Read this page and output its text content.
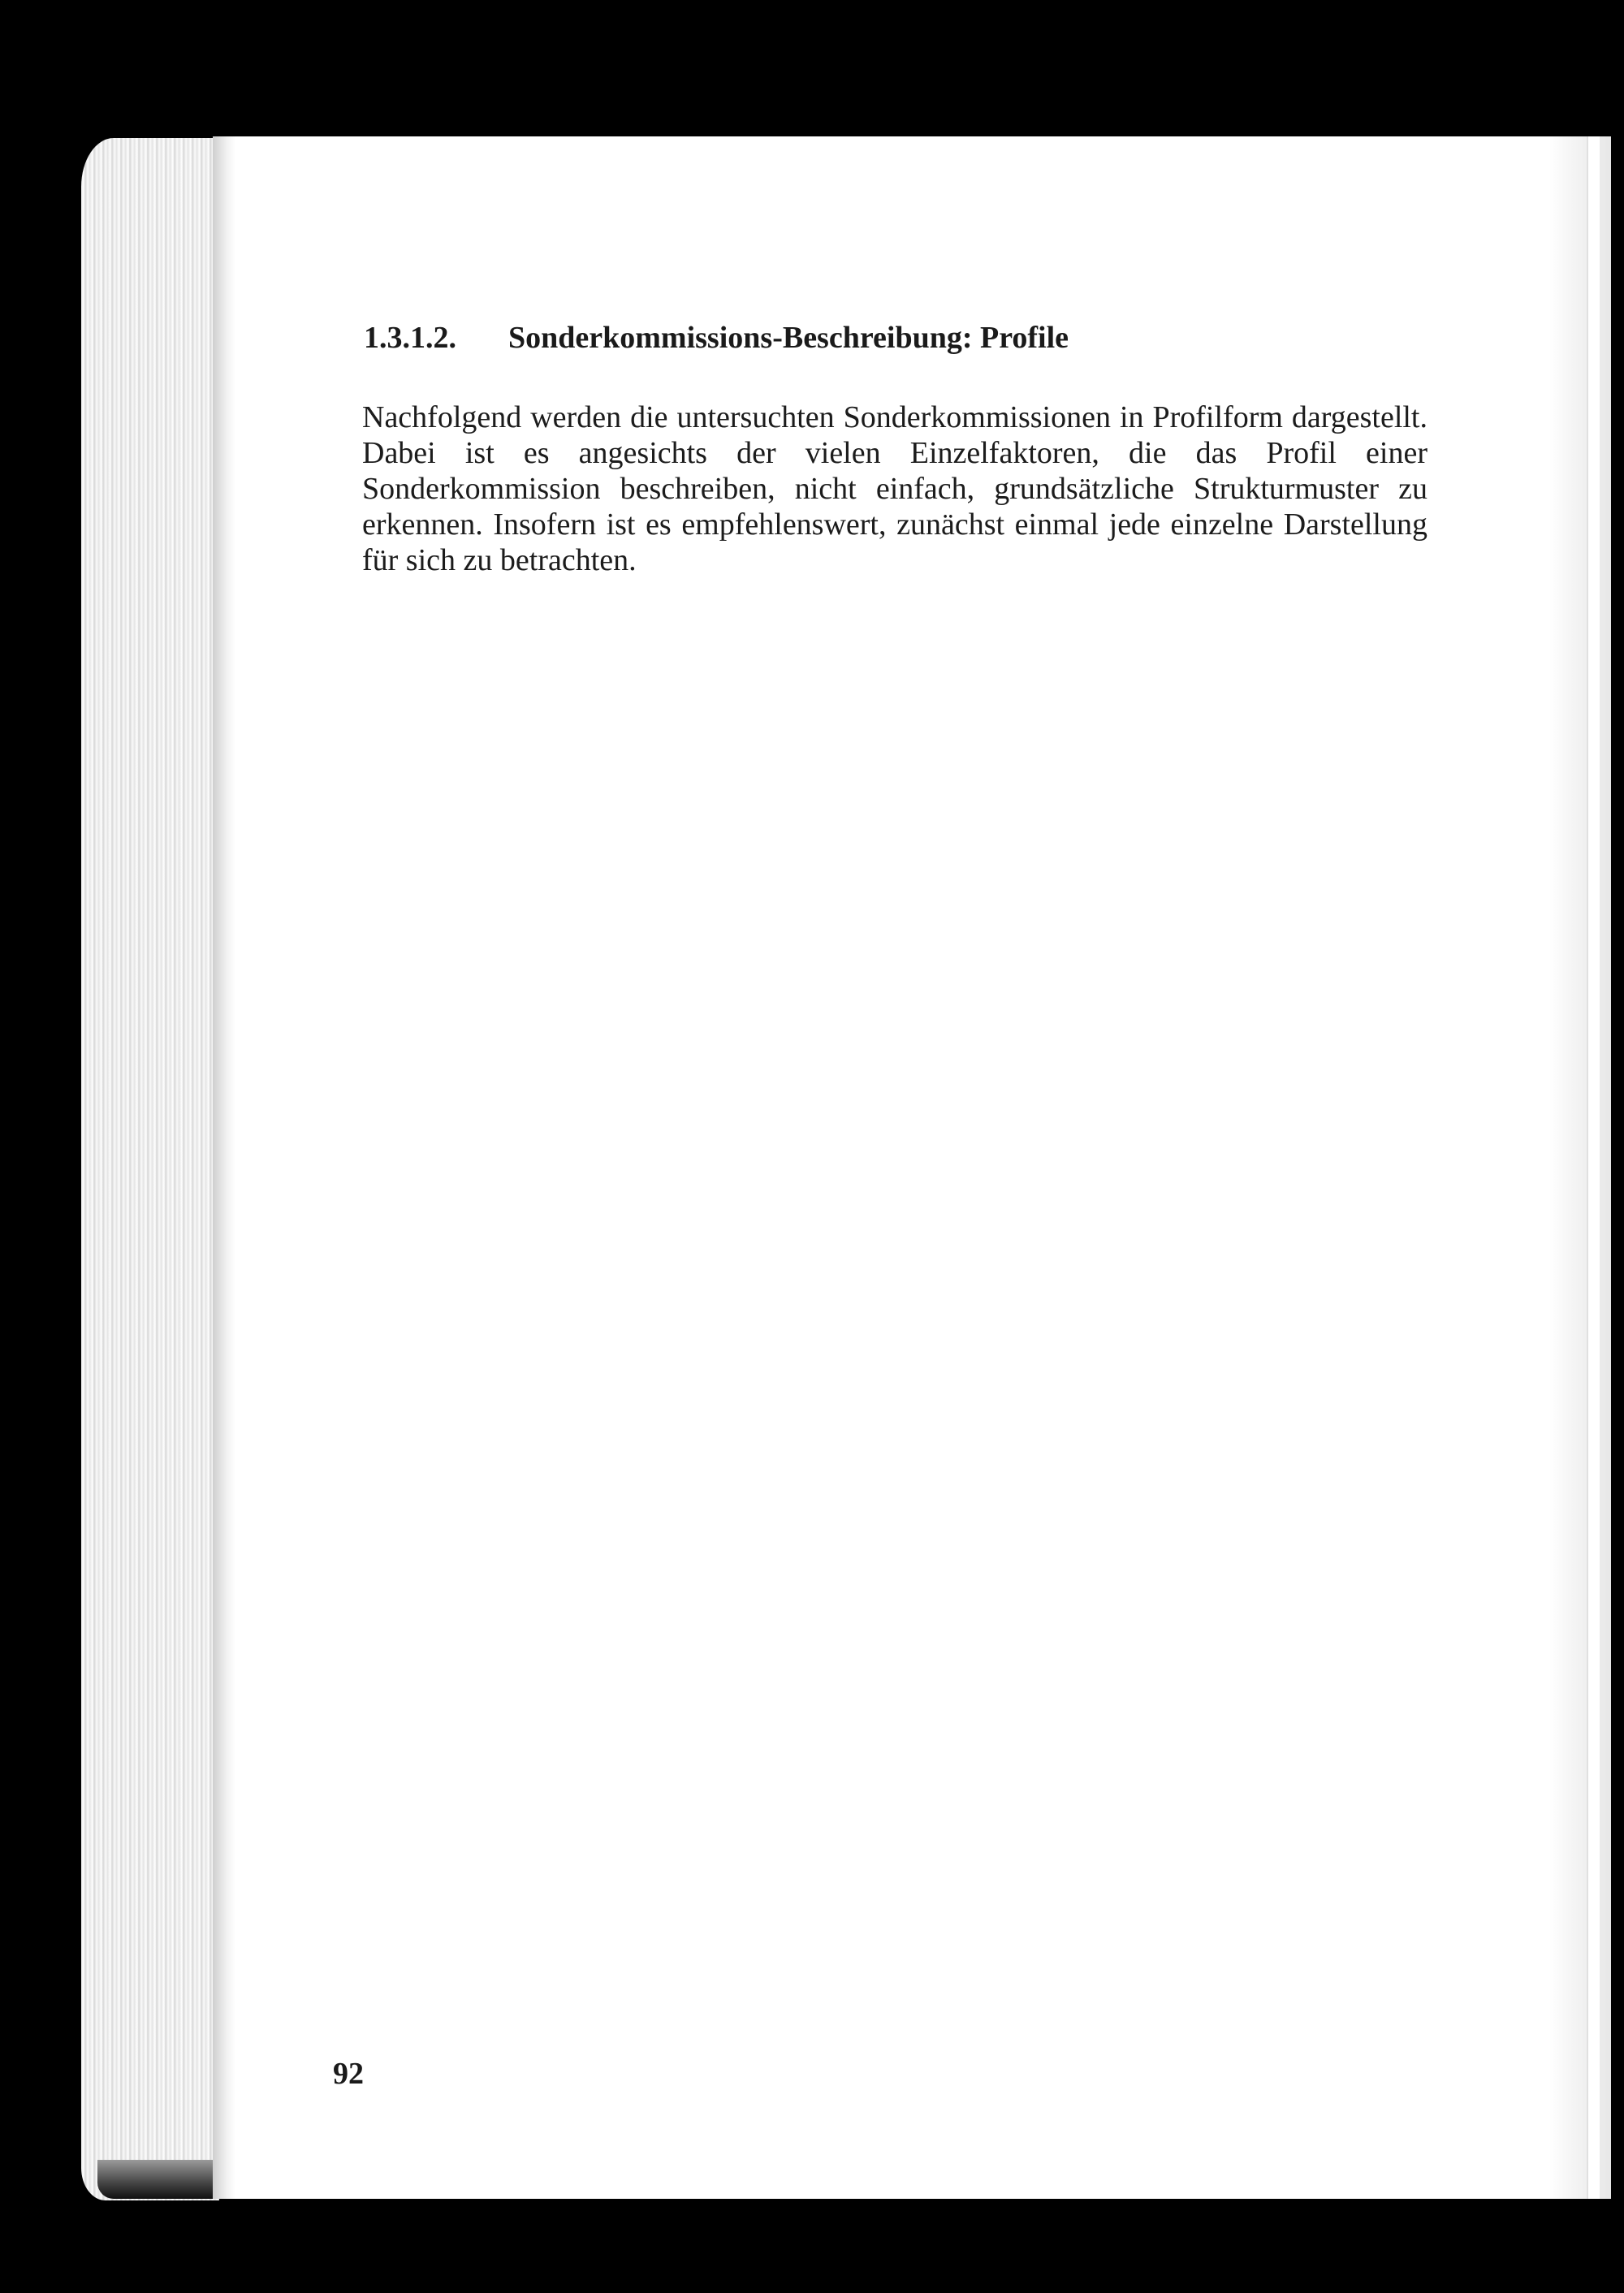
1.3.1.2. Sonderkommissions-Beschreibung: Profile

Nachfolgend werden die untersuchten Sonderkommissionen in Profilform dargestellt. Dabei ist es angesichts der vielen Einzelfaktoren, die das Profil einer Sonderkommission beschreiben, nicht einfach, grundsätzliche Strukturmuster zu erkennen. Insofern ist es empfehlenswert, zunächst einmal jede einzelne Darstellung für sich zu betrachten.

92
